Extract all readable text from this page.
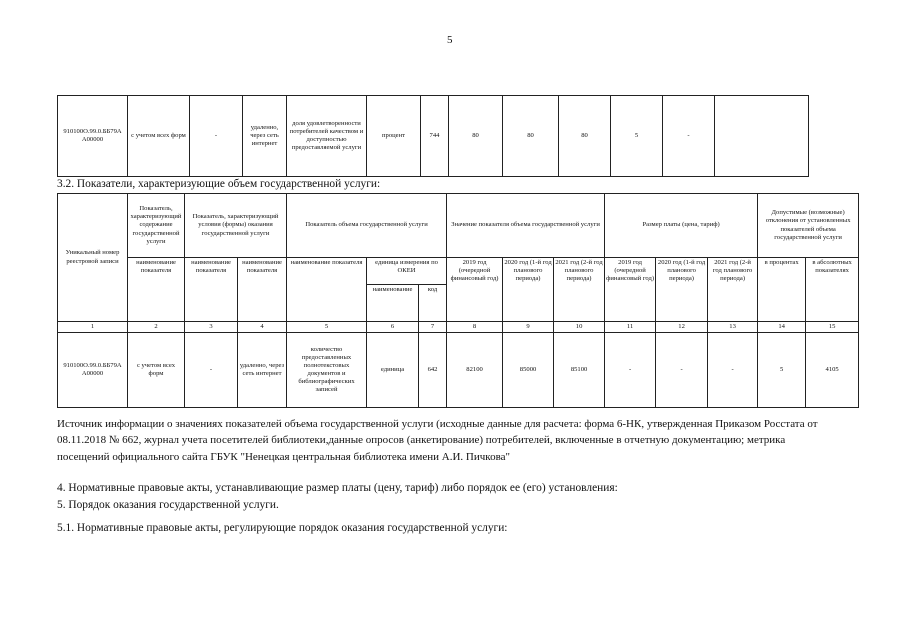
5
910100О.99.0.ББ79А А00000	с учетом всех форм	-	удаленно, через сеть интернет	доля удовлетворенности потребителей качеством и доступностью предоставляемой услуги	процент	744	80	80	80	5	-	
3.2. Показатели, характеризующие объем государственной услуги:
Уникальный номер реестровой записи	Показатель, характеризующий содержание государственной услуги	Показатель, характеризующий условия (формы) оказания государственной услуги		Показатель объема государственной услуги			Значение показателя объема государственной услуги			Размер платы (цена, тариф)			Допустимые (возможные) отклонения от установленных показателей объема государственной услуги	
	наименование показателя	наименование показателя	наименование показателя	наименование показателя	единица измерения по ОКЕИ		2019 год (очередной финансовый год)	2020 год (1-й год планового периода)	2021 год (2-й год планового периода)	2019 год (очередной финансовый год)	2020 год (1-й год планового периода)	2021 год (2-й год планового периода)	в процентах	в абсолютных показателях
					наименование	код								
1	2	3	4	5	6	7	8	9	10	11	12	13	14	15
910100О.99.0.ББ79А А00000	с учетом всех форм	-	удаленно, через сеть интернет	количество предоставленных полнотекстовых документов и библиографических записей	единица	642	82100	85000	85100	-	-	-	5	4105
Источник информации о значениях показателей объема государственной услуги (исходные данные для расчета: форма 6-НК, утвержденная Приказом Росстата от 08.11.2018 № 662, журнал учета посетителей библиотеки,данные опросов (анкетирование) потребителей, включенные в отчетную документацию; метрика посещений официального сайта ГБУК "Ненецкая центральная библиотека имени А.И. Пичкова"
4. Нормативные правовые акты, устанавливающие размер платы (цену, тариф) либо порядок ее (его) установления:
5. Порядок оказания государственной услуги.
5.1. Нормативные правовые акты, регулирующие порядок оказания государственной услуги:
